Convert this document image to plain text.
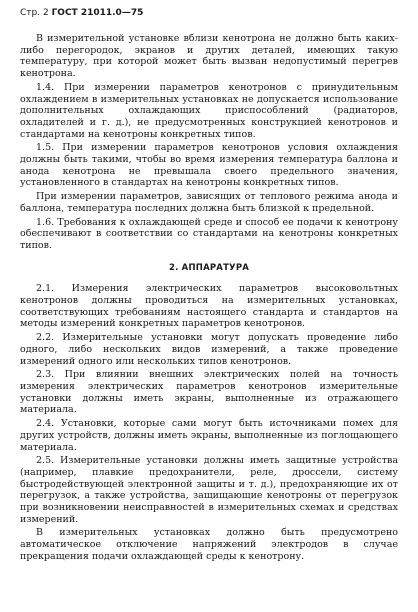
Стр. 2 ГОСТ 21011.0—75

В измерительной установке вблизи кенотрона не должно быть каких-либо перегородок, экранов и других деталей, имеющих такую температуру, при которой может быть вызван недопустимый перегрев кенотрона.

1.4. При измерении параметров кенотронов с принудительным охлаждением в измерительных установках не допускается использование дополнительных охлаждающих приспособлений (радиаторов, охладителей и г. д.), не предусмотренных конструкцией кенотронов и стандартами на кенотроны конкретных типов.

1.5. При измерении параметров кенотронов условия охлаждения должны быть такими, чтобы во время измерения температура баллона и анода кенотрона не превышала своего предельного значения, установленного в стандартах на кенотроны конкретных типов.

При измерении параметров, зависящих от теплового режима анода и баллона, температура последних должна быть близкой к предельной.

1.6. Требования к охлаждающей среде и способ ее подачи к кенотрону обеспечивают в соответствии со стандартами на кенотроны конкретных типов.

2. АППАРАТУРА

2.1. Измерения электрических параметров высоковольтных кенотронов должны проводиться на измерительных установках, соответствующих требованиям настоящего стандарта и стандартов на методы измерений конкретных параметров кенотронов.

2.2. Измерительные установки могут допускать проведение либо одного, либо нескольких видов измерений, а также проведение измерений одного или нескольких типов кенотронов.

2.3. При влиянии внешних электрических полей на точность измерения электрических параметров кенотронов измерительные установки должны иметь экраны, выполненные из отражающего материала.

2.4. Установки, которые сами могут быть источниками помех для других устройств, должны иметь экраны, выполненные из поглощающего материала.

2.5. Измерительные установки должны иметь защитные устройства (например, плавкие предохранители, реле, дроссели, систему быстродействующей электронной защиты и т. д.), предохраняющие их от перегрузок, а также устройства, защищающие кенотроны от перегрузок при возникновении неисправностей в измерительных схемах и средствах измерений.

В измерительных установках должно быть предусмотрено автоматическое отключение напряжений электродов в случае прекращения подачи охлаждающей среды к кенотрону.
